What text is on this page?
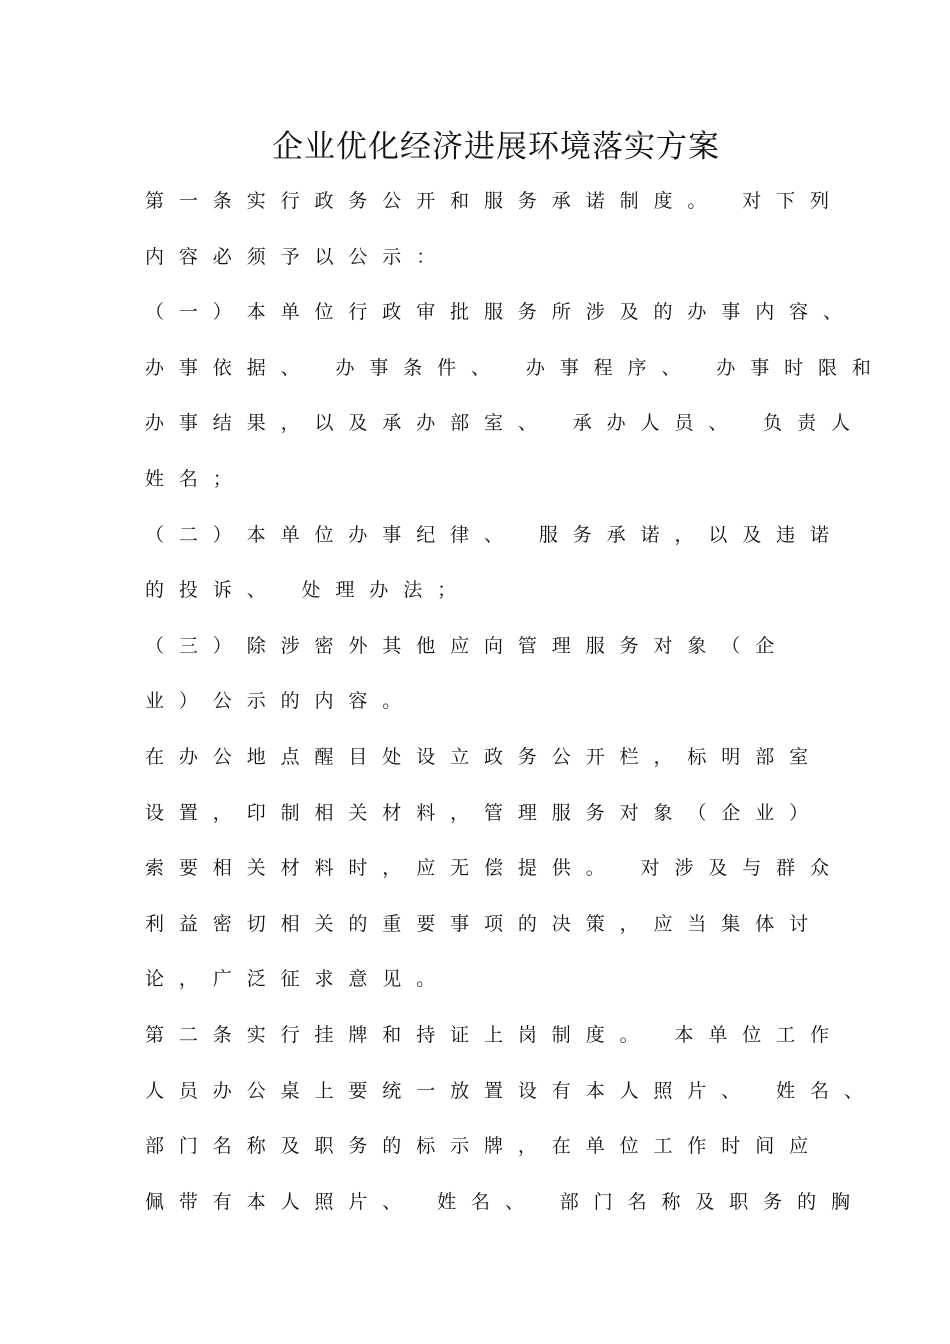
企业优化经济进展环境落实方案
第一条实行政务公开和服务承诺制度。 对下列
内容必须予以公示：
（一）本单位行政审批服务所涉及的办事内容、
办事依据、 办事条件、 办事程序、 办事时限和
办事结果，以及承办部室、 承办人员、 负责人
姓名；
（二）本单位办事纪律、 服务承诺，以及违诺
的投诉、 处理办法；
（三）除涉密外其他应向管理服务对象（企
业）公示的内容。
在办公地点醒目处设立政务公开栏，标明部室
设置，印制相关材料，管理服务对象（企业）
索要相关材料时，应无偿提供。 对涉及与群众
利益密切相关的重要事项的决策，应当集体讨
论，广泛征求意见。
第二条实行挂牌和持证上岗制度。 本单位工作
人员办公桌上要统一放置设有本人照片、 姓名、
部门名称及职务的标示牌，在单位工作时间应
佩带有本人照片、 姓名、 部门名称及职务的胸
